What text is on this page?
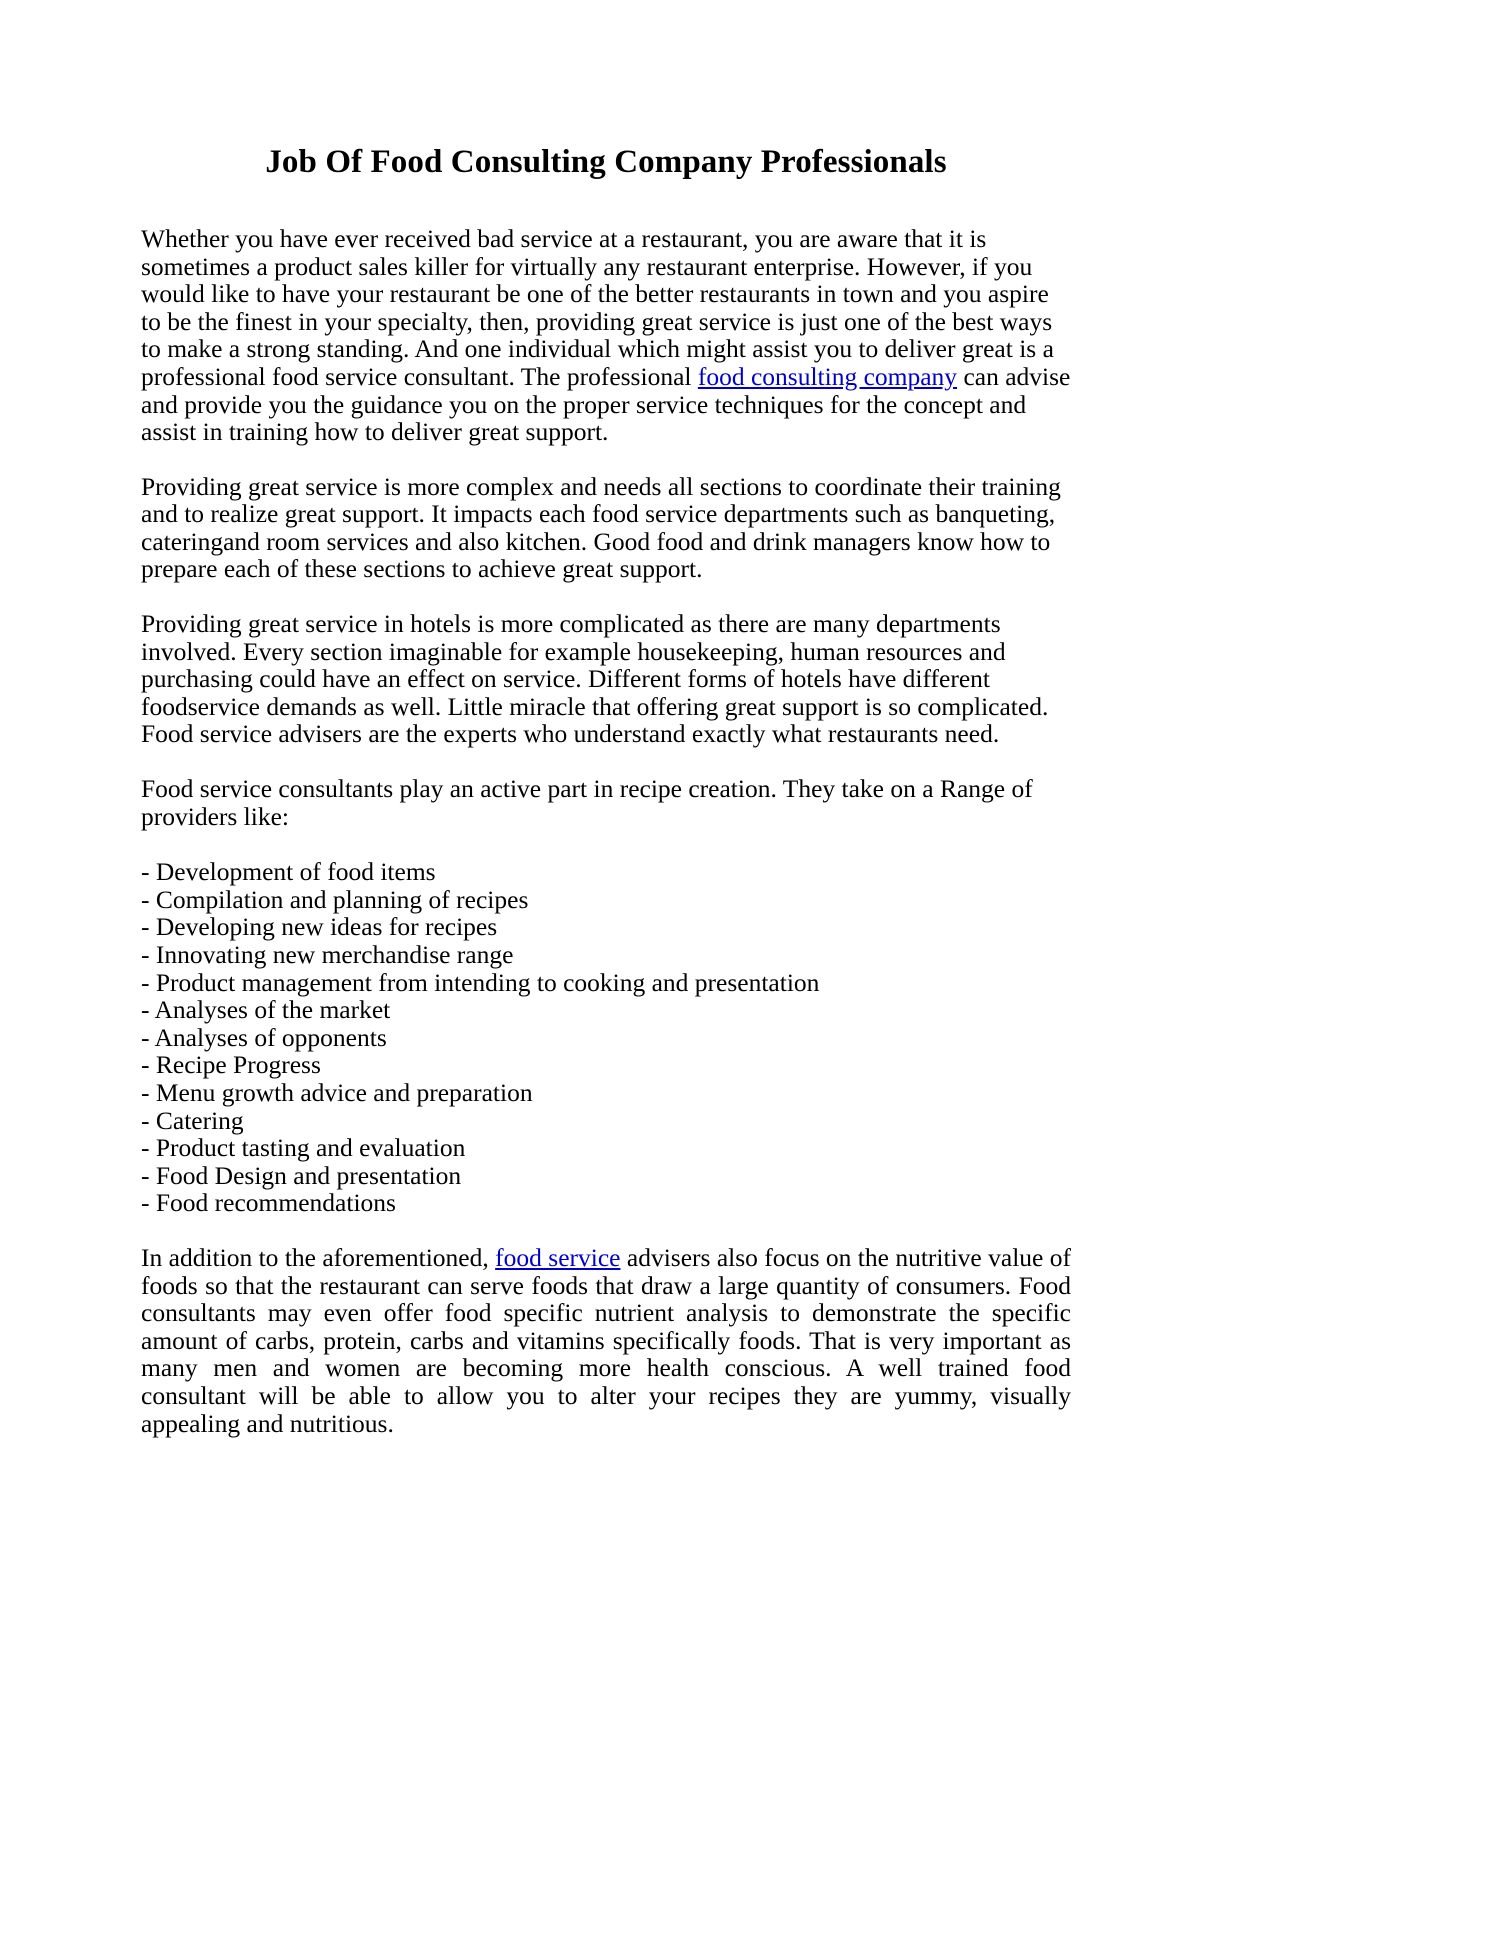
Job Of Food Consulting Company Professionals

Whether you have ever received bad service at a restaurant, you are aware that it is sometimes a product sales killer for virtually any restaurant enterprise. However, if you would like to have your restaurant be one of the better restaurants in town and you aspire to be the finest in your specialty, then, providing great service is just one of the best ways to make a strong standing. And one individual which might assist you to deliver great is a professional food service consultant. The professional food consulting company can advise and provide you the guidance you on the proper service techniques for the concept and assist in training how to deliver great support.

Providing great service is more complex and needs all sections to coordinate their training and to realize great support. It impacts each food service departments such as banqueting, cateringand room services and also kitchen. Good food and drink managers know how to prepare each of these sections to achieve great support.

Providing great service in hotels is more complicated as there are many departments involved. Every section imaginable for example housekeeping, human resources and purchasing could have an effect on service. Different forms of hotels have different foodservice demands as well. Little miracle that offering great support is so complicated. Food service advisers are the experts who understand exactly what restaurants need.

Food service consultants play an active part in recipe creation. They take on a Range of providers like:

- Development of food items
- Compilation and planning of recipes
- Developing new ideas for recipes
- Innovating new merchandise range
- Product management from intending to cooking and presentation
- Analyses of the market
- Analyses of opponents
- Recipe Progress
- Menu growth advice and preparation
- Catering
- Product tasting and evaluation
- Food Design and presentation
- Food recommendations

In addition to the aforementioned, food service advisers also focus on the nutritive value of foods so that the restaurant can serve foods that draw a large quantity of consumers. Food consultants may even offer food specific nutrient analysis to demonstrate the specific amount of carbs, protein, carbs and vitamins specifically foods. That is very important as many men and women are becoming more health conscious. A well trained food consultant will be able to allow you to alter your recipes they are yummy, visually appealing and nutritious.
